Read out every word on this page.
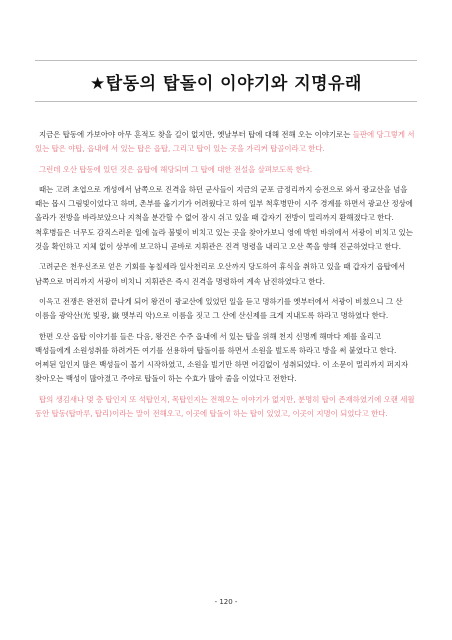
★탑동의 탑돌이 이야기와 지명유래

지금은 탑동에 가보아야 아무 흔적도 찾을 길이 없지만, 옛날부터 탑에 대해 전해 오는 이야기로는 들판에 당그렇게 서 있는 탑은 야탑, 읍내에 서 있는 탑은 읍탑, 그리고 탑이 있는 곳을 가리켜 탑골이라고 한다.

그런데 오산 탑동에 있던 것은 읍탑에 해당되며 그 탑에 대한 전설을 살펴보도록 한다.

때는 고려 초엽으로 개성에서 남쪽으로 진격을 하던 군사들이 지금의 군포 금정리까지 승전으로 와서 광교산을 넘을 때는 몹시 그림빛이었다고 하며, 촌부를 옮기기가 어려웠다고 하여 일부 척후병만이 시주 경계를 하면서 광교산 정상에 올라가 전방을 바라보았으나 지척을 분간할 수 없어 잠시 쉬고 있을 때 갑자기 전방이 밀리까지 환해졌다고 한다. 척후병들은 너무도 감직스러운 일에 놀라 불빛이 비치고 있는 곳을 찾아가보니 영에 박힌 바위에서 서광이 비치고 있는 것을 확인하고 지체 없이 상부에 보고하니 곧바로 지휘관은 진격 명령을 내리고 오산 쪽을 향해 진군하였다고 한다.

고려군은 천우신조로 얻은 기회를 놓칠세라 일사천리로 오산까지 당도하여 휴식을 취하고 있을 때 갑자기 읍탑에서 남쪽으로 머리까지 서광이 비치니 지휘관은 즉시 진격을 명령하여 계속 남진하였다고 한다.

이윽고 전쟁은 완전히 끝나게 되어 왕건이 광교산에 있었던 일을 듣고 명하기를 옛부터에서 서광이 비쳤으니 그 산 이름을 광악산(光 빛광, 嶽 멧부리 악)으로 이름을 짓고 그 산에 산신제를 크게 지내도록 하라고 명하였다 한다.

한편 오산 읍탑 이야기를 들은 다음, 왕건은 수주 읍내에 서 있는 탑을 위해 천지 신명께 해마다 제를 올리고 백성들에게 소원성취를 하려거든 여기를 선용하여 탑돌이를 하면서 소원을 빌도록 하라고 방을 써 붙였다고 한다. 어찌된 일인지 많은 백성들이 몰기 시작하였고, 소원을 빌기만 하면 어김없이 성취되었다. 이 소문이 멀리까지 퍼지자 찾아오는 백성이 많아졌고 주야로 탑돌이 하는 수효가 많아 줄을 이었다고 전한다.

탑의 생김새나 몇 층 탑인지 또 석탑인지, 목탑인지는 전해오는 이야기가 없지만, 분명히 탑이 존재하였기에 오랜 세월 동안 탑동(탑마루, 탑리)이라는 말이 전해오고, 이곳에 탑돌이 하는 탑이 있었고, 이곳이 지명이 되었다고 한다.

- 120 -
